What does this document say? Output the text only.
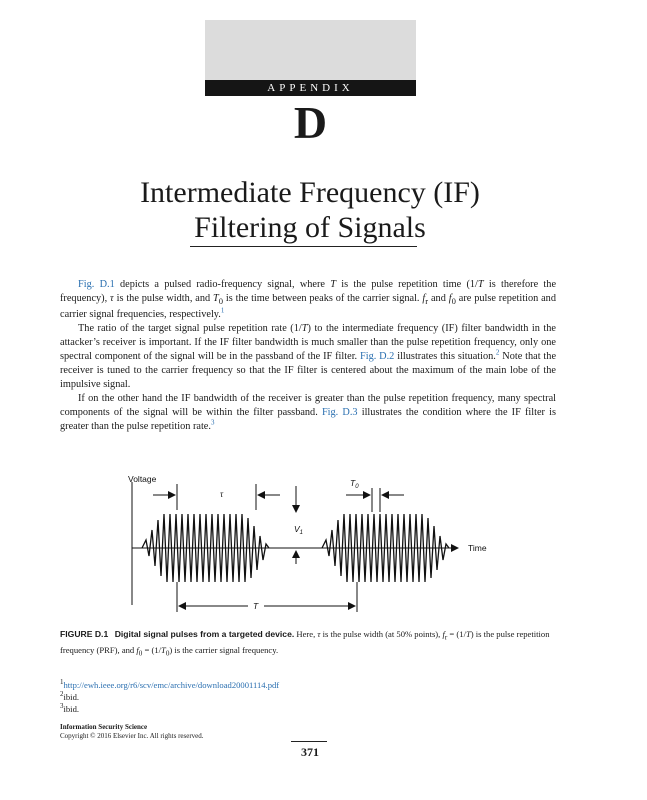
APPENDIX
D
Intermediate Frequency (IF)
Filtering of Signals

Fig. D.1 depicts a pulsed radio-frequency signal, where T is the pulse repetition time (1/T is therefore the frequency), τ is the pulse width, and $T_0$ is the time between peaks of the carrier signal. $f_r$ and $f_0$ are pulse repetition and carrier signal frequencies, respectively.$^1$

The ratio of the target signal pulse repetition rate (1/T) to the intermediate frequency (IF) filter bandwidth in the attacker’s receiver is important. If the IF filter bandwidth is much smaller than the pulse repetition frequency, only one spectral component of the signal will be in the passband of the IF filter. Fig. D.2 illustrates this situation.$^2$ Note that the receiver is tuned to the carrier frequency so that the IF filter is centered about the maximum of the main lobe of the impulsive signal.

If on the other hand the IF bandwidth of the receiver is greater than the pulse repetition frequency, many spectral components of the signal will be within the filter passband. Fig. D.3 illustrates the condition where the IF filter is greater than the pulse repetition rate.$^3$

Voltage
Time
τ
$V_1$
$T_0$
T
FIGURE D.1 Digital signal pulses from a targeted device. Here, τ is the pulse width (at 50% points), $f_r = (1/T)$ is the pulse repetition frequency (PRF), and $f_0 = (1/T_0)$ is the carrier signal frequency.
$^1$http://ewh.ieee.org/r6/scv/emc/archive/download20001114.pdf
$^2$ibid.
$^3$ibid.
Information Security Science
Copyright © 2016 Elsevier Inc. All rights reserved.
371
